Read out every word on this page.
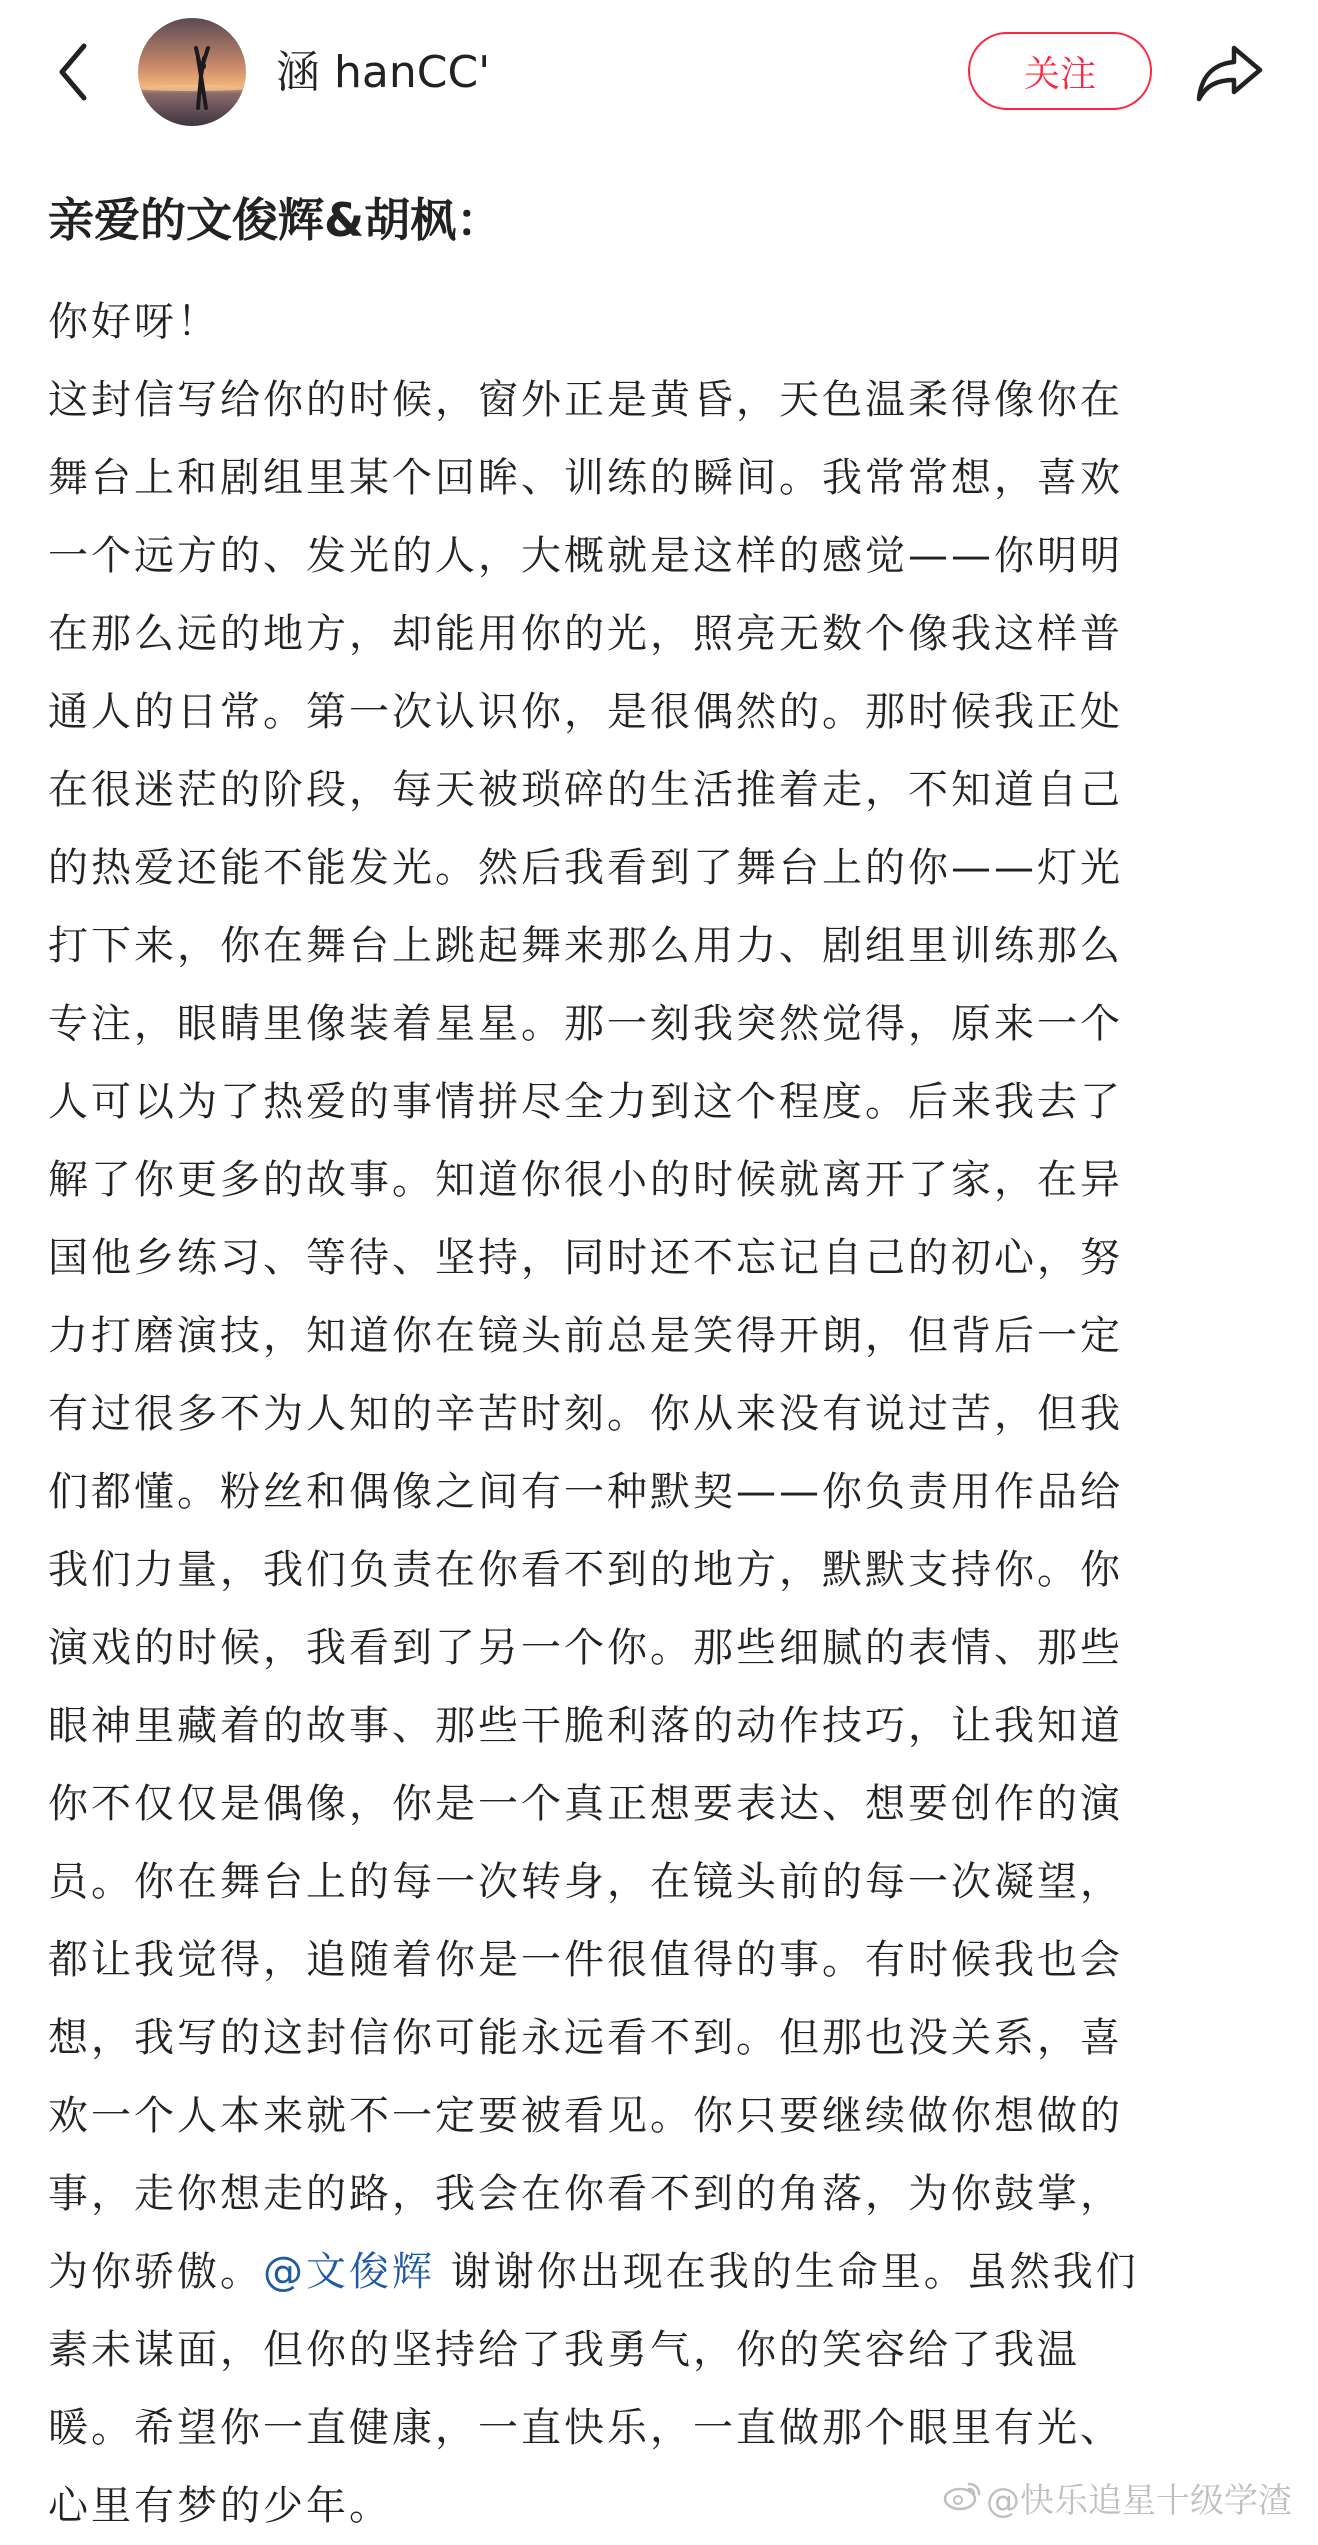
涵 hanCC'	关注
亲爱的文俊辉&胡枫：
你好呀！
这封信写给你的时候，窗外正是黄昏，天色温柔得像你在
舞台上和剧组里某个回眸、训练的瞬间。我常常想，喜欢
一个远方的、发光的人，大概就是这样的感觉——你明明
在那么远的地方，却能用你的光，照亮无数个像我这样普
通人的日常。第一次认识你，是很偶然的。那时候我正处
在很迷茫的阶段，每天被琐碎的生活推着走，不知道自己
的热爱还能不能发光。然后我看到了舞台上的你——灯光
打下来，你在舞台上跳起舞来那么用力、剧组里训练那么
专注，眼睛里像装着星星。那一刻我突然觉得，原来一个
人可以为了热爱的事情拼尽全力到这个程度。后来我去了
解了你更多的故事。知道你很小的时候就离开了家，在异
国他乡练习、等待、坚持，同时还不忘记自己的初心，努
力打磨演技，知道你在镜头前总是笑得开朗，但背后一定
有过很多不为人知的辛苦时刻。你从来没有说过苦，但我
们都懂。粉丝和偶像之间有一种默契——你负责用作品给
我们力量，我们负责在你看不到的地方，默默支持你。你
演戏的时候，我看到了另一个你。那些细腻的表情、那些
眼神里藏着的故事、那些干脆利落的动作技巧，让我知道
你不仅仅是偶像，你是一个真正想要表达、想要创作的演
员。你在舞台上的每一次转身，在镜头前的每一次凝望，
都让我觉得，追随着你是一件很值得的事。有时候我也会
想，我写的这封信你可能永远看不到。但那也没关系，喜
欢一个人本来就不一定要被看见。你只要继续做你想做的
事，走你想走的路，我会在你看不到的角落，为你鼓掌，
为你骄傲。@文俊辉 谢谢你出现在我的生命里。虽然我们
素未谋面，但你的坚持给了我勇气，你的笑容给了我温
暖。希望你一直健康，一直快乐，一直做那个眼里有光、
心里有梦的少年。	@快乐追星十级学渣
